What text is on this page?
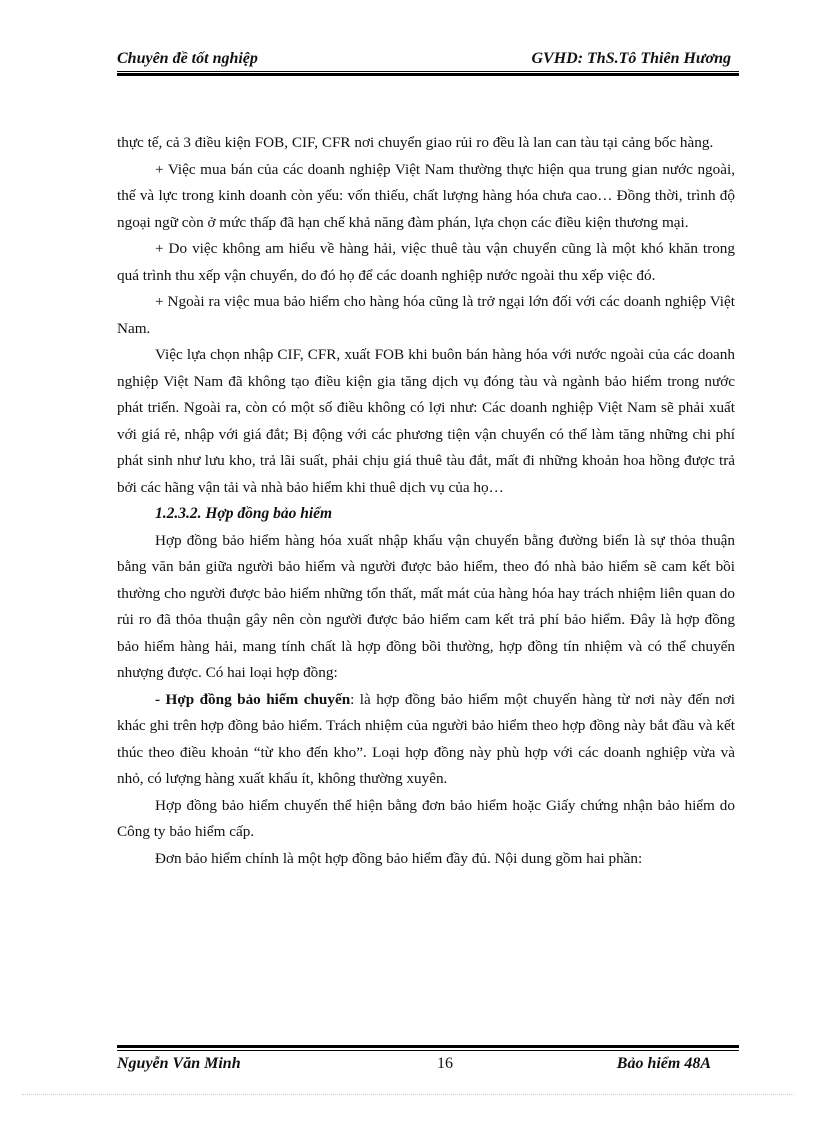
Chuyên đề tốt nghiệp	GVHD: ThS.Tô Thiên Hương

thực tế, cả 3 điều kiện FOB, CIF, CFR nơi chuyển giao rủi ro đều là lan can tàu tại cảng bốc hàng.

+ Việc mua bán của các doanh nghiệp Việt Nam thường thực hiện qua trung gian nước ngoài, thế và lực trong kinh doanh còn yếu: vốn thiếu, chất lượng hàng hóa chưa cao… Đồng thời, trình độ ngoại ngữ còn ở mức thấp đã hạn chế khả năng đàm phán, lựa chọn các điều kiện thương mại.

+ Do việc không am hiểu về hàng hải, việc thuê tàu vận chuyển cũng là một khó khăn trong quá trình thu xếp vận chuyển, do đó họ để các doanh nghiệp nước ngoài thu xếp việc đó.

+ Ngoài ra việc mua bảo hiểm cho hàng hóa cũng là trở ngại lớn đối với các doanh nghiệp Việt Nam.

Việc lựa chọn nhập CIF, CFR, xuất FOB khi buôn bán hàng hóa với nước ngoài của các doanh nghiệp Việt Nam đã không tạo điều kiện gia tăng dịch vụ đóng tàu và ngành bảo hiểm trong nước phát triển. Ngoài ra, còn có một số điều không có lợi như: Các doanh nghiệp Việt Nam sẽ phải xuất với giá rẻ, nhập với giá đắt; Bị động với các phương tiện vận chuyển có thể làm tăng những chi phí phát sinh như lưu kho, trả lãi suất, phải chịu giá thuê tàu đắt, mất đi những khoản hoa hồng được trả bởi các hãng vận tải và nhà bảo hiểm khi thuê dịch vụ của họ…

1.2.3.2. Hợp đồng bảo hiểm

Hợp đồng bảo hiểm hàng hóa xuất nhập khẩu vận chuyển bằng đường biển là sự thỏa thuận bằng văn bản giữa người bảo hiểm và người được bảo hiểm, theo đó nhà bảo hiểm sẽ cam kết bồi thường cho người được bảo hiểm những tổn thất, mất mát của hàng hóa hay trách nhiệm liên quan do rủi ro đã thỏa thuận gây nên còn người được bảo hiểm cam kết trả phí bảo hiểm. Đây là hợp đồng bảo hiểm hàng hải, mang tính chất là hợp đồng bồi thường, hợp đồng tín nhiệm và có thể chuyển nhượng được. Có hai loại hợp đồng:

- Hợp đồng bảo hiểm chuyến: là hợp đồng bảo hiểm một chuyến hàng từ nơi này đến nơi khác ghi trên hợp đồng bảo hiểm. Trách nhiệm của người bảo hiểm theo hợp đồng này bắt đầu và kết thúc theo điều khoản “từ kho đến kho”. Loại hợp đồng này phù hợp với các doanh nghiệp vừa và nhỏ, có lượng hàng xuất khẩu ít, không thường xuyên.

Hợp đồng bảo hiểm chuyến thể hiện bằng đơn bảo hiểm hoặc Giấy chứng nhận bảo hiểm do Công ty bảo hiểm cấp.

Đơn bảo hiểm chính là một hợp đồng bảo hiểm đầy đủ. Nội dung gồm hai phần:

Nguyễn Văn Minh	16	Bảo hiểm 48A
